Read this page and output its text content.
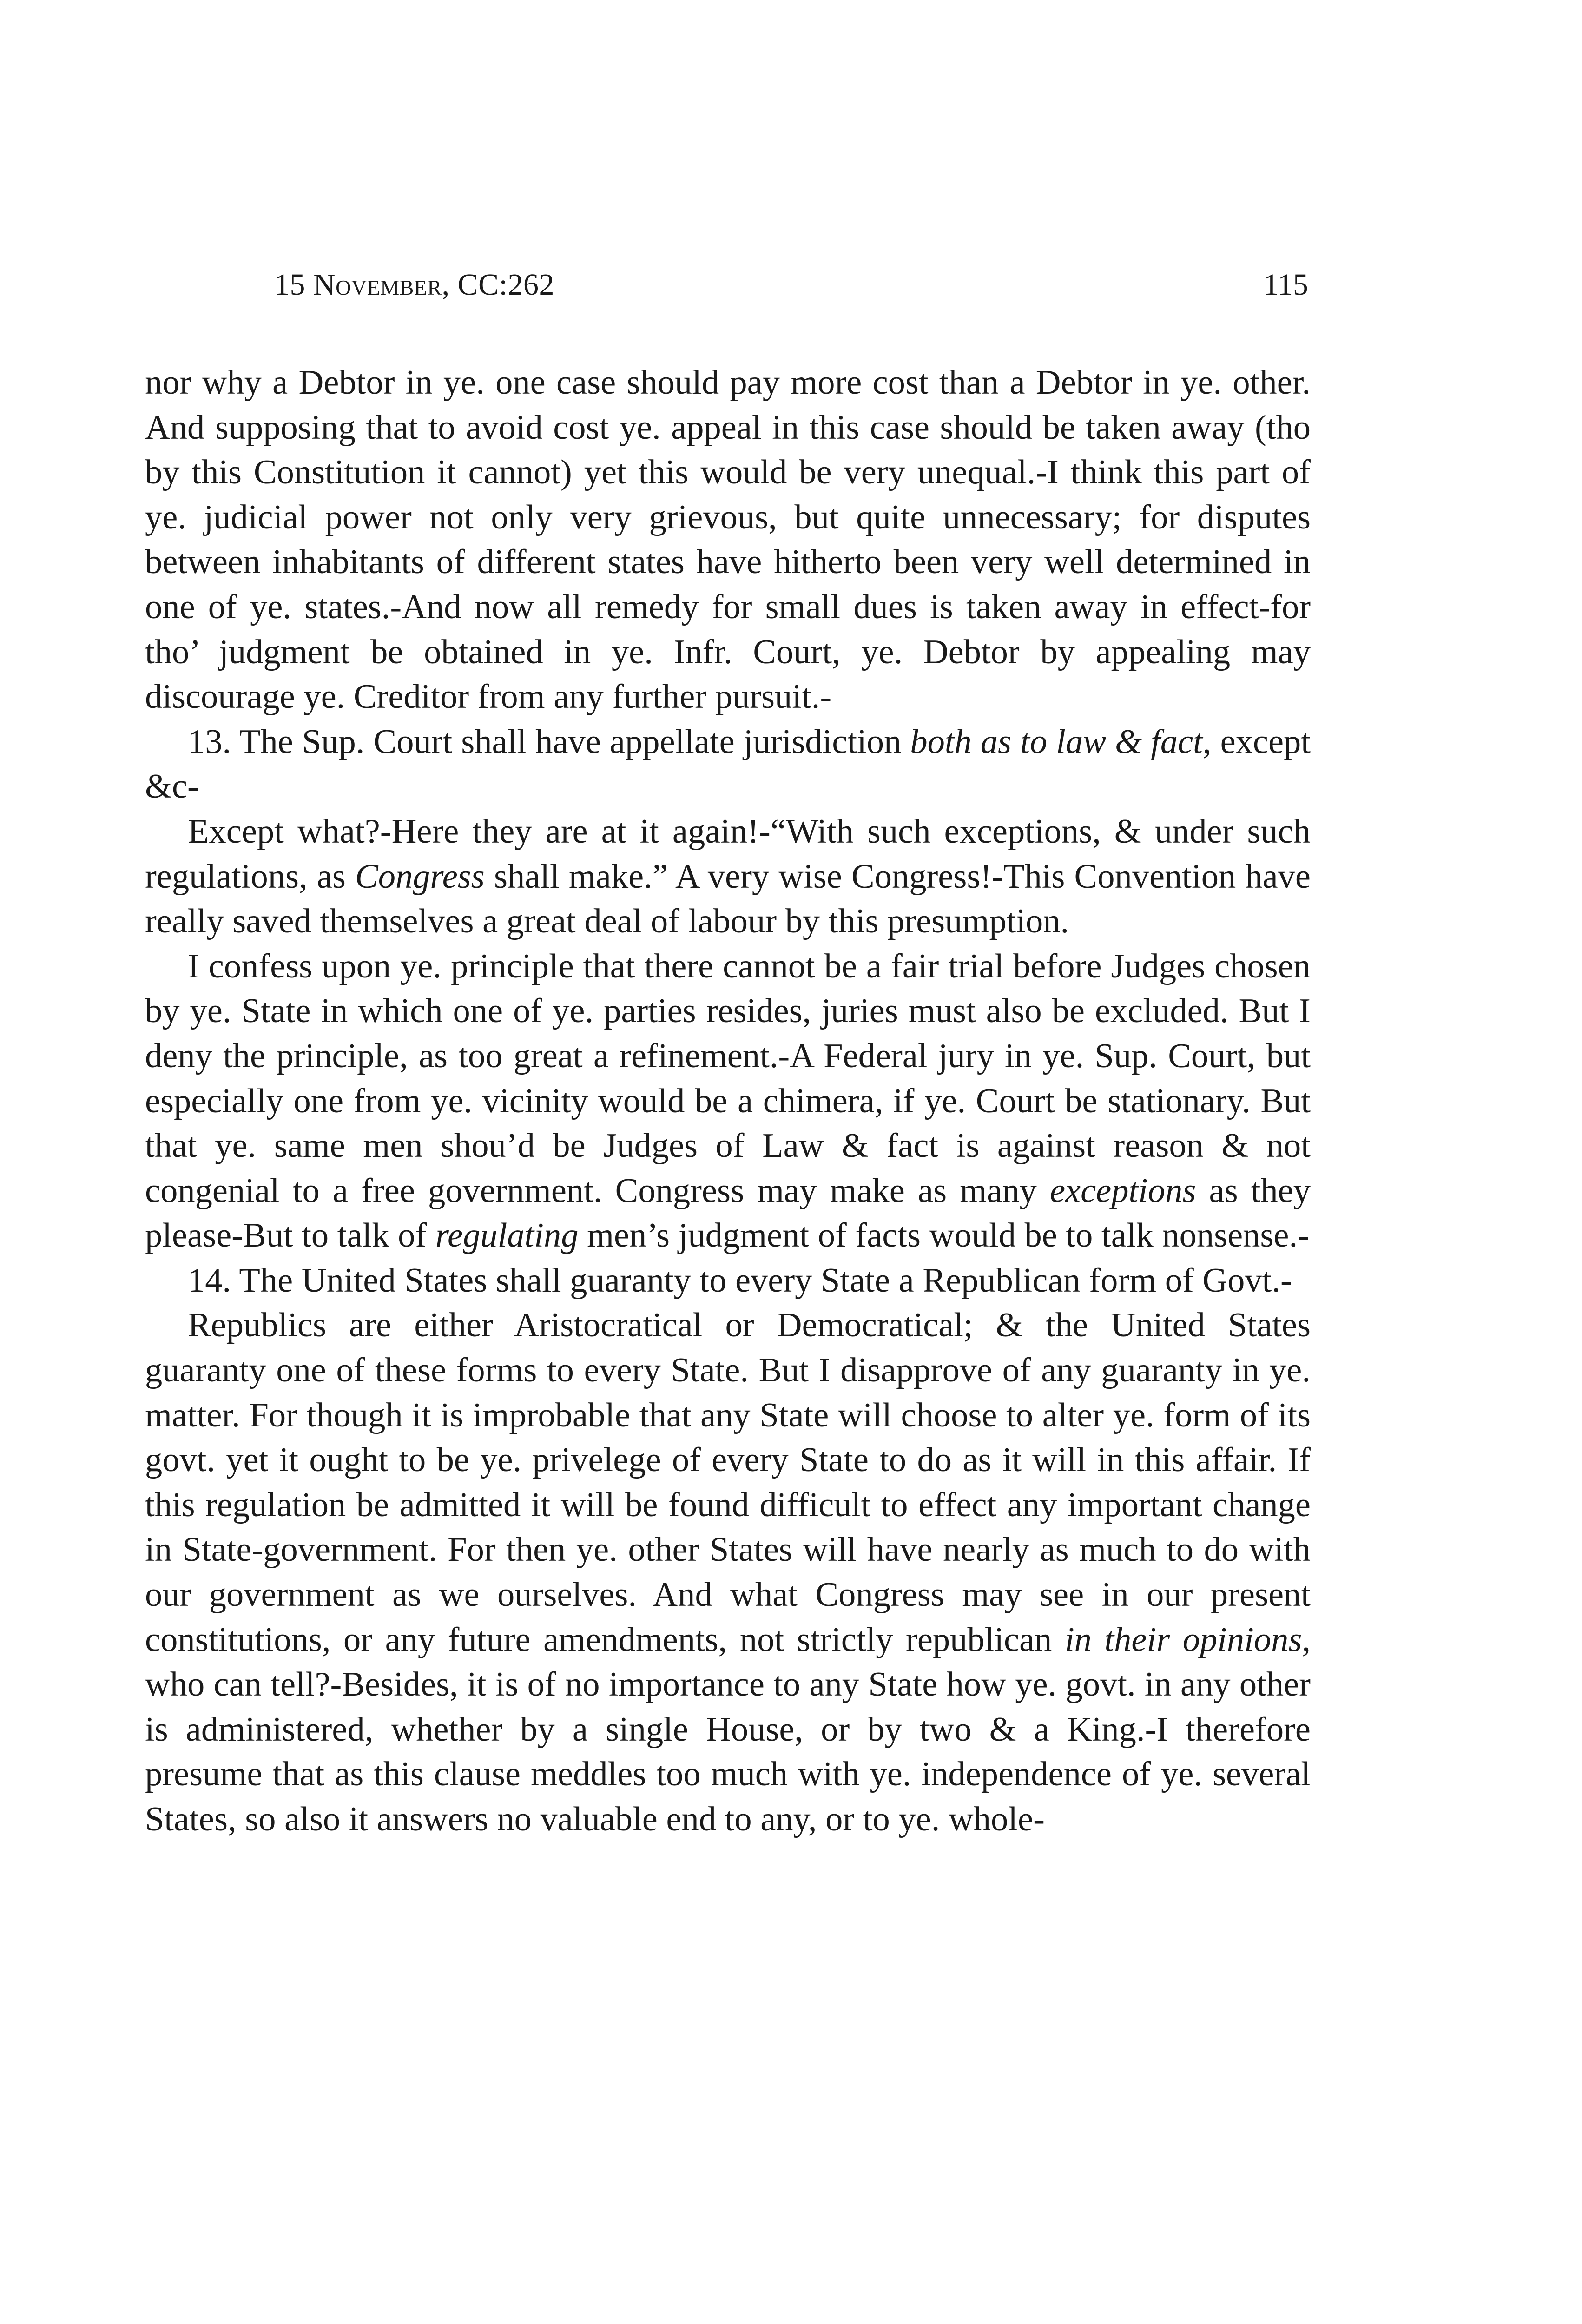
15 November, CC:262	115

nor why a Debtor in ye. one case should pay more cost than a Debtor in ye. other. And supposing that to avoid cost ye. appeal in this case should be taken away (tho by this Constitution it cannot) yet this would be very unequal.-I think this part of ye. judicial power not only very grievous, but quite unnecessary; for disputes between inhabitants of different states have hitherto been very well determined in one of ye. states.-And now all remedy for small dues is taken away in effect-for tho’ judgment be obtained in ye. Infr. Court, ye. Debtor by appealing may discourage ye. Creditor from any further pursuit.-

13. The Sup. Court shall have appellate jurisdiction both as to law & fact, except &c-

Except what?-Here they are at it again!-“With such exceptions, & under such regulations, as Congress shall make.” A very wise Congress!-This Convention have really saved themselves a great deal of labour by this presumption.

I confess upon ye. principle that there cannot be a fair trial before Judges chosen by ye. State in which one of ye. parties resides, juries must also be excluded. But I deny the principle, as too great a refinement.-A Federal jury in ye. Sup. Court, but especially one from ye. vicinity would be a chimera, if ye. Court be stationary. But that ye. same men shou’d be Judges of Law & fact is against reason & not congenial to a free government. Congress may make as many exceptions as they please-But to talk of regulating men’s judgment of facts would be to talk nonsense.-

14. The United States shall guaranty to every State a Republican form of Govt.-

Republics are either Aristocratical or Democratical; & the United States guaranty one of these forms to every State. But I disapprove of any guaranty in ye. matter. For though it is improbable that any State will choose to alter ye. form of its govt. yet it ought to be ye. privelege of every State to do as it will in this affair. If this regulation be admitted it will be found difficult to effect any important change in State-government. For then ye. other States will have nearly as much to do with our government as we ourselves. And what Congress may see in our present constitutions, or any future amendments, not strictly republican in their opinions, who can tell?-Besides, it is of no importance to any State how ye. govt. in any other is administered, whether by a single House, or by two & a King.-I therefore presume that as this clause meddles too much with ye. independence of ye. several States, so also it answers no valuable end to any, or to ye. whole-
